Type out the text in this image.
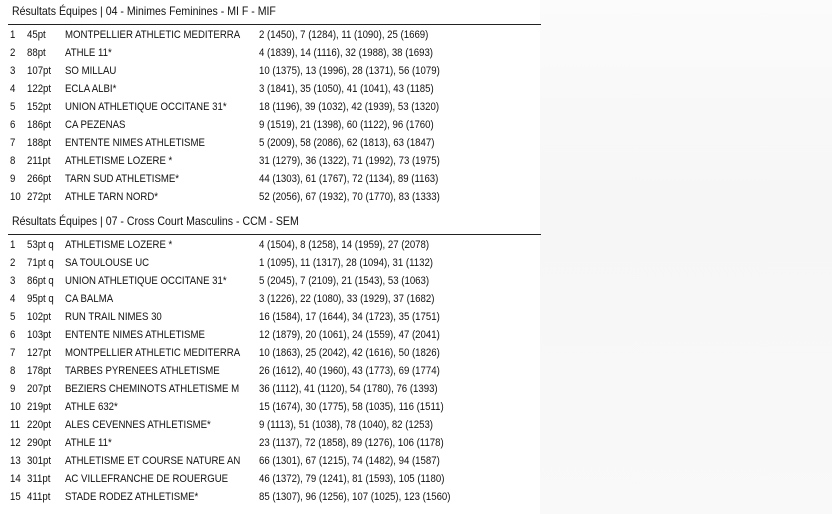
Résultats Équipes | 04 - Minimes Feminines - MI F - MIF
1 45pt MONTPELLIER ATHLETIC MEDITERRA 2 (1450), 7 (1284), 11 (1090), 25 (1669)
2 88pt ATHLE 11*	4 (1839), 14 (1116), 32 (1988), 38 (1693)
3 107pt SO MILLAU	10 (1375), 13 (1996), 28 (1371), 56 (1079)
4 122pt ECLA ALBI*	3 (1841), 35 (1050), 41 (1041), 43 (1185)
5 152pt UNION ATHLETIQUE OCCITANE 31*	18 (1196), 39 (1032), 42 (1939), 53 (1320)
6 186pt CA PEZENAS	9 (1519), 21 (1398), 60 (1122), 96 (1760)
7 188pt ENTENTE NIMES ATHLETISME	5 (2009), 58 (2086), 62 (1813), 63 (1847)
8 211pt ATHLETISME LOZERE *	31 (1279), 36 (1322), 71 (1992), 73 (1975)
9 266pt TARN SUD ATHLETISME*	44 (1303), 61 (1767), 72 (1134), 89 (1163)
10 272pt ATHLE TARN NORD*	52 (2056), 67 (1932), 70 (1770), 83 (1333)
Résultats Équipes | 07 - Cross Court Masculins - CCM - SEM
1 53pt q ATHLETISME LOZERE *	4 (1504), 8 (1258), 14 (1959), 27 (2078)
2 71pt q SA TOULOUSE UC	1 (1095), 11 (1317), 28 (1094), 31 (1132)
3 86pt q UNION ATHLETIQUE OCCITANE 31*	5 (2045), 7 (2109), 21 (1543), 53 (1063)
4 95pt q CA BALMA	3 (1226), 22 (1080), 33 (1929), 37 (1682)
5 102pt RUN TRAIL NIMES 30	16 (1584), 17 (1644), 34 (1723), 35 (1751)
6 103pt ENTENTE NIMES ATHLETISME	12 (1879), 20 (1061), 24 (1559), 47 (2041)
7 127pt MONTPELLIER ATHLETIC MEDITERRA 10 (1863), 25 (2042), 42 (1616), 50 (1826)
8 178pt TARBES PYRENEES ATHLETISME	26 (1612), 40 (1960), 43 (1773), 69 (1774)
9 207pt BEZIERS CHEMINOTS ATHLETISME M 36 (1112), 41 (1120), 54 (1780), 76 (1393)
10 219pt ATHLE 632*	15 (1674), 30 (1775), 58 (1035), 116 (1511)
11 220pt ALES CEVENNES ATHLETISME*	9 (1113), 51 (1038), 78 (1040), 82 (1253)
12 290pt ATHLE 11*	23 (1137), 72 (1858), 89 (1276), 106 (1178)
13 301pt ATHLETISME ET COURSE NATURE AN 66 (1301), 67 (1215), 74 (1482), 94 (1587)
14 311pt AC VILLEFRANCHE DE ROUERGUE	46 (1372), 79 (1241), 81 (1593), 105 (1180)
15 411pt STADE RODEZ ATHLETISME*	85 (1307), 96 (1256), 107 (1025), 123 (1560)
